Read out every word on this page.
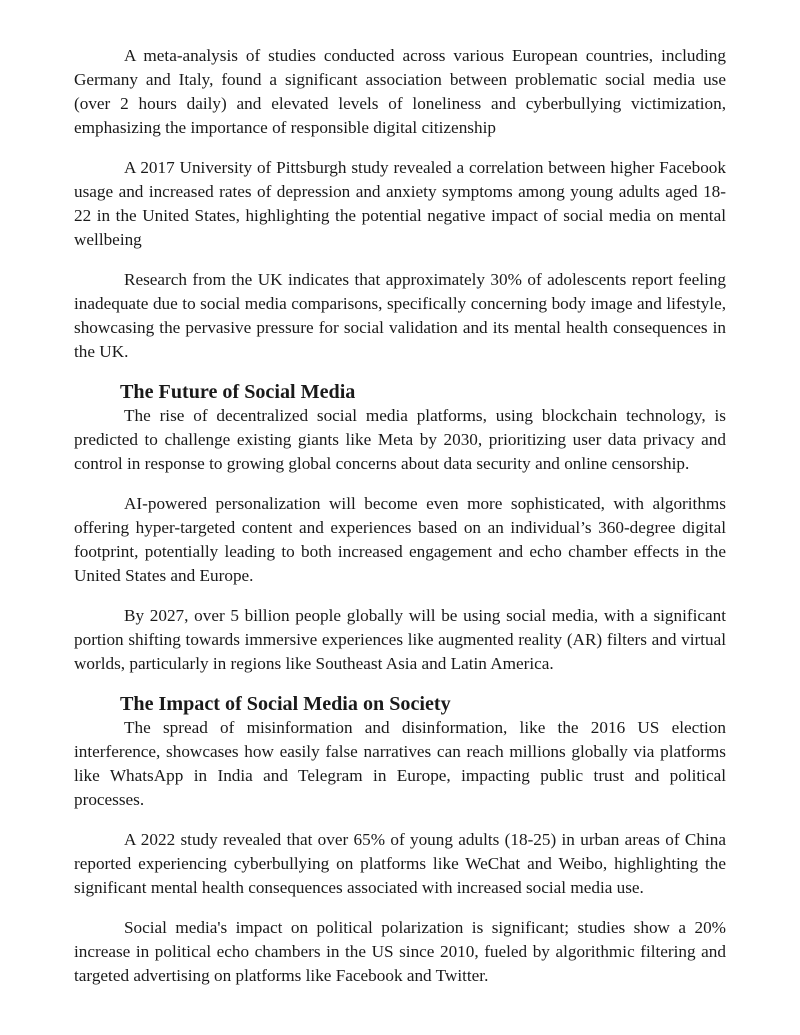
A meta-analysis of studies conducted across various European countries, including Germany and Italy, found a significant association between problematic social media use (over 2 hours daily) and elevated levels of loneliness and cyberbullying victimization, emphasizing the importance of responsible digital citizenship

A 2017 University of Pittsburgh study revealed a correlation between higher Facebook usage and increased rates of depression and anxiety symptoms among young adults aged 18-22 in the United States, highlighting the potential negative impact of social media on mental wellbeing

Research from the UK indicates that approximately 30% of adolescents report feeling inadequate due to social media comparisons, specifically concerning body image and lifestyle, showcasing the pervasive pressure for social validation and its mental health consequences in the UK.

The Future of Social Media

The rise of decentralized social media platforms, using blockchain technology, is predicted to challenge existing giants like Meta by 2030, prioritizing user data privacy and control in response to growing global concerns about data security and online censorship.

AI-powered personalization will become even more sophisticated, with algorithms offering hyper-targeted content and experiences based on an individual’s 360-degree digital footprint, potentially leading to both increased engagement and echo chamber effects in the United States and Europe.

By 2027, over 5 billion people globally will be using social media, with a significant portion shifting towards immersive experiences like augmented reality (AR) filters and virtual worlds, particularly in regions like Southeast Asia and Latin America.

The Impact of Social Media on Society

The spread of misinformation and disinformation, like the 2016 US election interference, showcases how easily false narratives can reach millions globally via platforms like WhatsApp in India and Telegram in Europe, impacting public trust and political processes.

A 2022 study revealed that over 65% of young adults (18-25) in urban areas of China reported experiencing cyberbullying on platforms like WeChat and Weibo, highlighting the significant mental health consequences associated with increased social media use.

Social media's impact on political polarization is significant; studies show a 20% increase in political echo chambers in the US since 2010, fueled by algorithmic filtering and targeted advertising on platforms like Facebook and Twitter.
